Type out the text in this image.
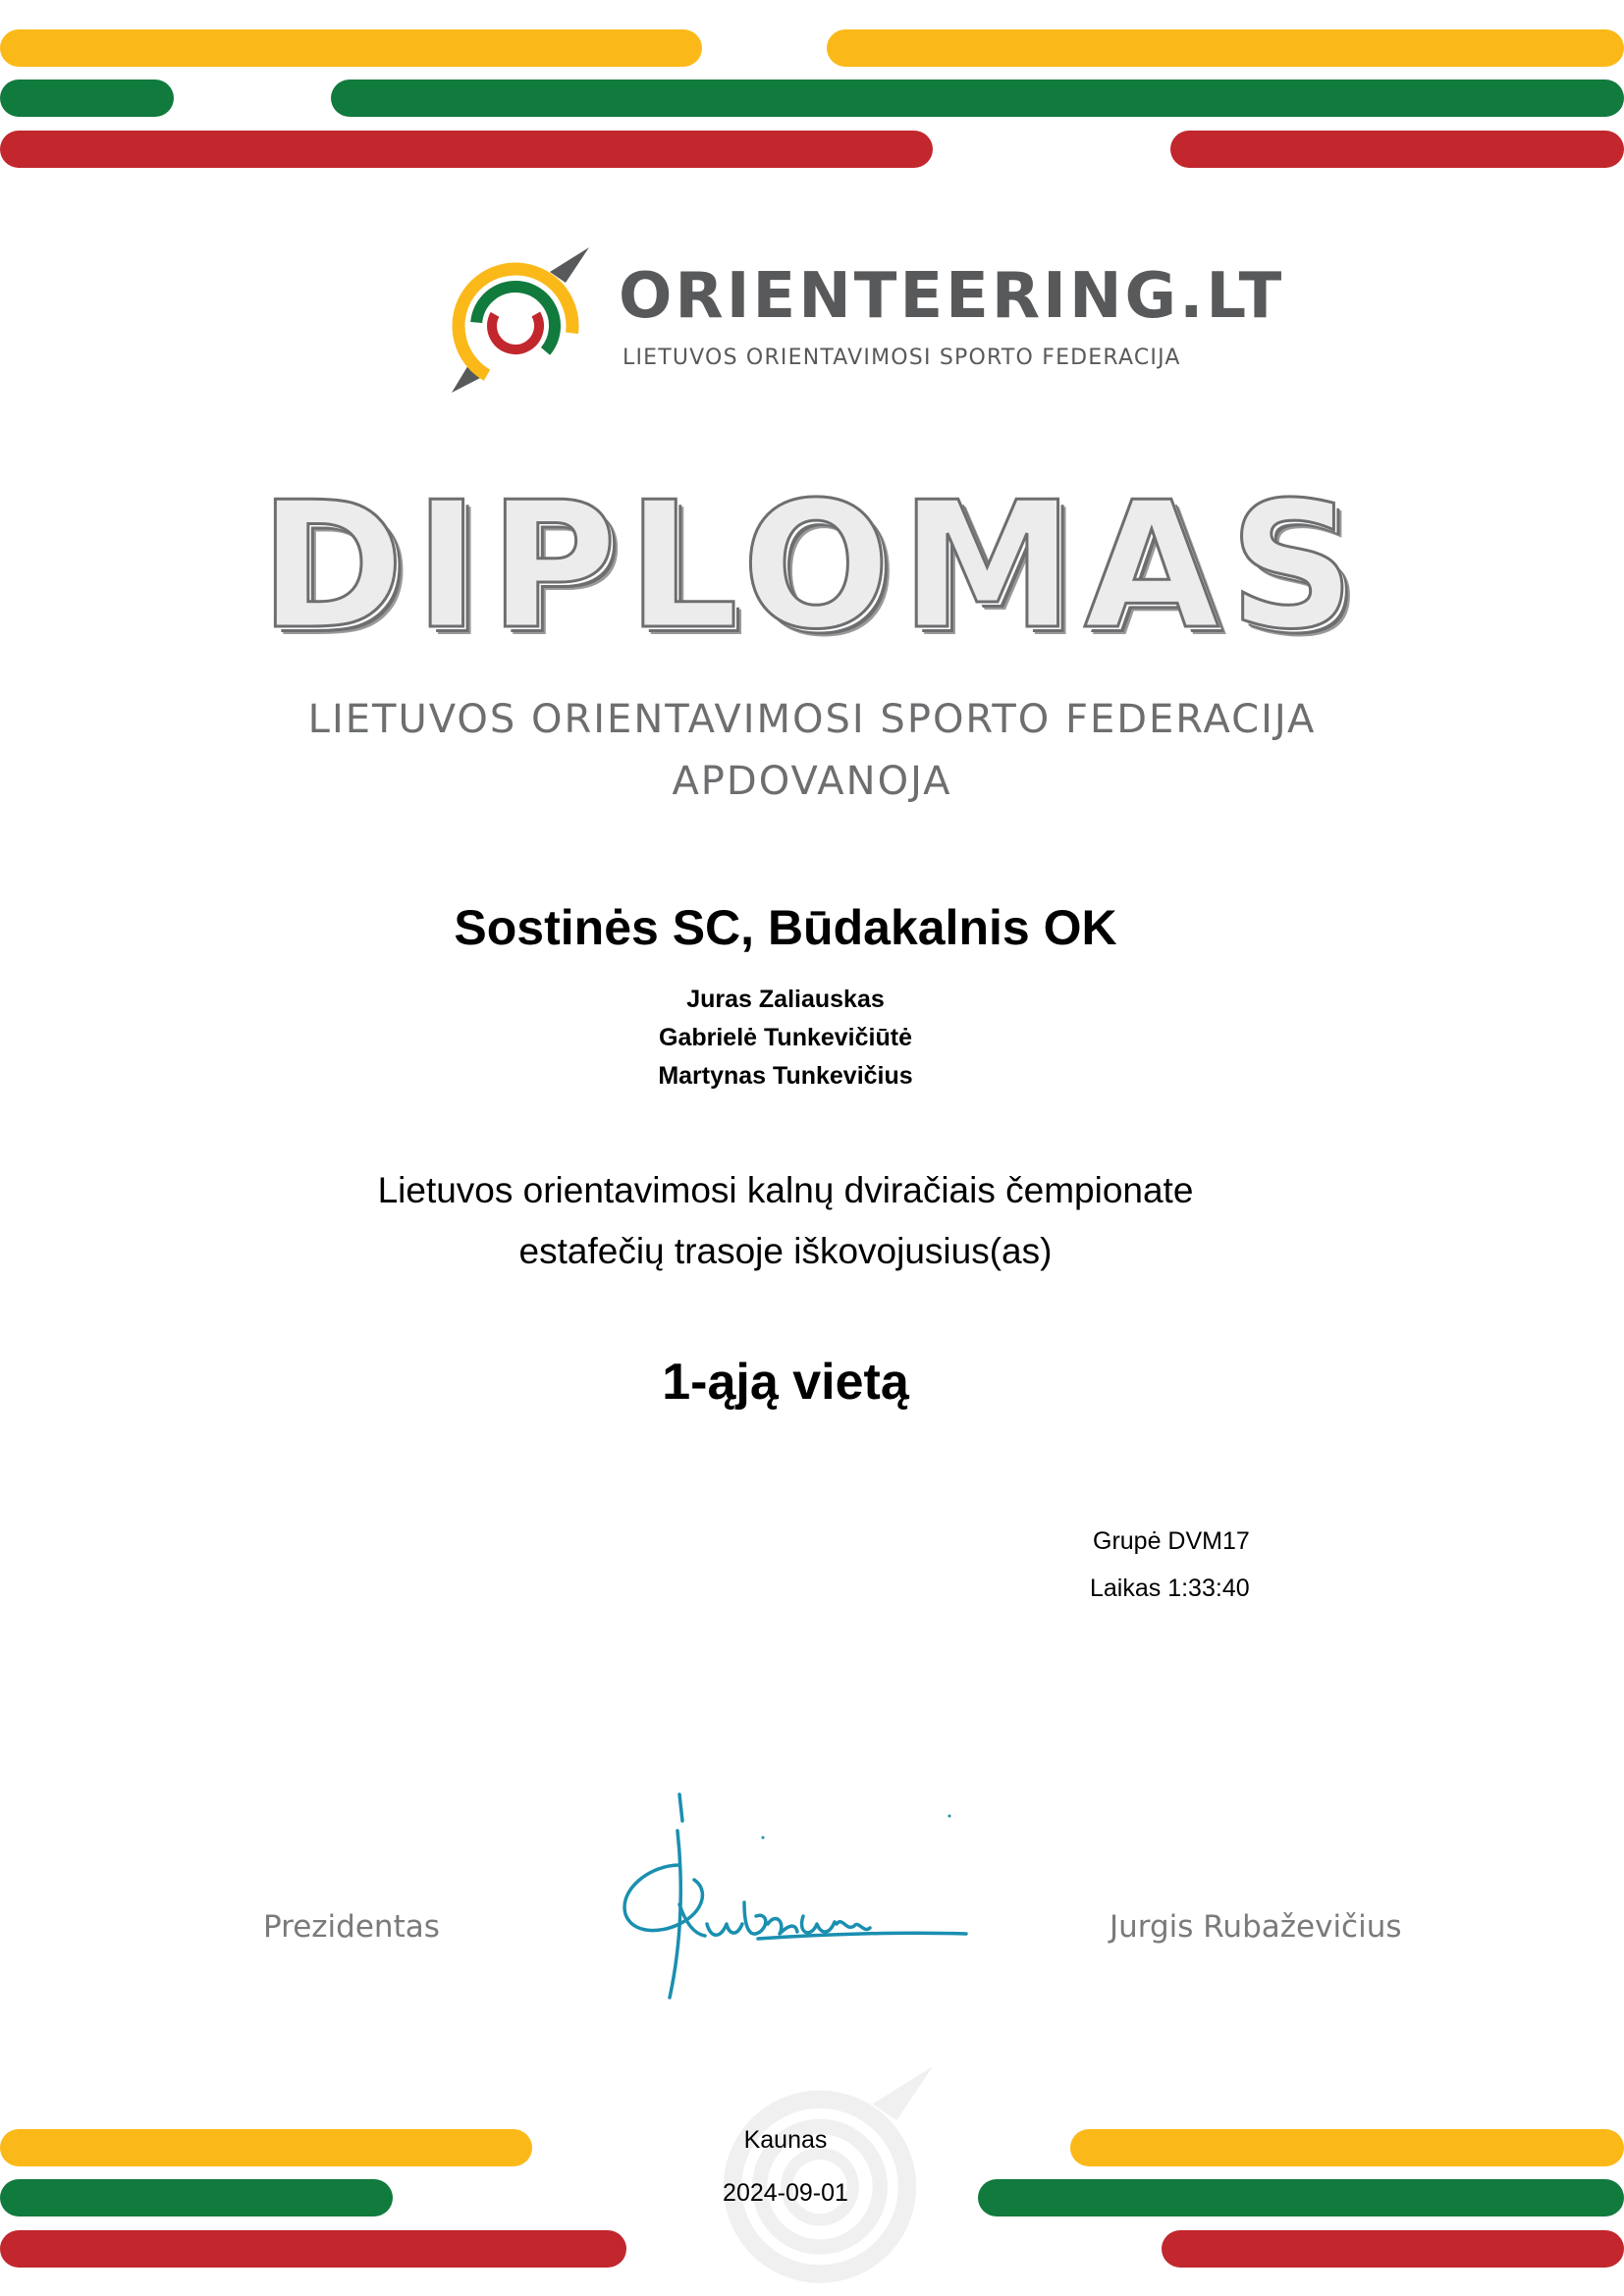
ORIENTEERING.LT
LIETUVOS ORIENTAVIMOSI SPORTO FEDERACIJA
DIPLOMAS
LIETUVOS ORIENTAVIMOSI SPORTO FEDERACIJA
APDOVANOJA
Sostinės SC, Būdakalnis OK
Juras Zaliauskas
Gabrielė Tunkevičiūtė
Martynas Tunkevičius
Lietuvos orientavimosi kalnų dviračiais čempionate
estafečių trasoje iškovojusius(as)
1-ąją vietą
Grupė DVM17
Laikas 1:33:40
Prezidentas	Jurgis Rubaževičius
Kaunas
2024-09-01
